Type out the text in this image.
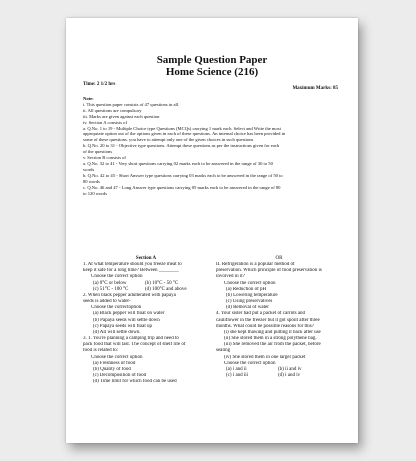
Sample Question Paper
Home Science (216)
Time: 2 1/2 hrs
Maximum Marks: 85
Note:
i. This question paper consists of 47 questions in all.
ii. All questions are compulsory
iii. Marks are given against each question
iv. Section A consists of
a. Q.No. 1 to 19 - Multiple Choice type Questions (MCQs) carrying 1 mark each. Select and Write the most
appropriate option out of the options given in each of these questions. An internal choice has been provided in
some of these questions. you have to attempt only one of the given choices in such questions
b. Q.No. 20 to 31 - Objective type questions. Attempt these questions as per the instructions given for each
of the questions
v. Section B consists of
a. Q.No. 32 to 41 - Very short questions carrying 02 marks each to be answered in the range of 30 to 50
words
b. Q.No. 42 to 45 - Short Answer type questions carrying 03 marks each to be answered in the range of 50 to
80 words
c. Q.No. 46 and 47 - Long Answer type questions carrying 05 marks each to be answered in the range of 80
to 120 words
Section A
1. At what temperature should you freeze meat to
keep it safe for a long time? Between ________
Choose the correct option
(a) 0°C or below	(b) 10°C - 50 °C
(c) 51°C - 100 °C	(d) 100°C and above
2. When black pepper adulterated with papaya
seeds is added to water-
Choose the correctoption
(a) Black pepper will float on water
(b) Papaya seeds will settle down
(c) Papaya seeds will float up
(d) All will settle down.
3. 1. You're planning a camping trip and need to
pack food that will last. The concept of shelf life of
food is related to:
Choose the correct option
(a) Freshness of food
(b) Quality of food
(c) Decomposition of food
(d) Time limit for which food can be used
OR
II. Refrigeration is a popular method of
preservation. Which principle of food preservation is
involved in it?
Choose the correct option
(a) Reduction of pH
(b) Lowering temperature
(c) Using preservatives
(d) Removal of water
4. Your sister had put a packet of carrots and
cauliflower in the freezer but it got spoilt after three
months. What could be possible reasons for this?
(i) she kept thawing and putting it back after use
(ii) She stored them in a strong polythene bag.
(iii) She removed the air from the packet, before
sealing
(iv) She stored them in one larger packet
Choose the correct option
(a) i and ii	(b) ii and iv
(c) i and iii	(d) i and iv
